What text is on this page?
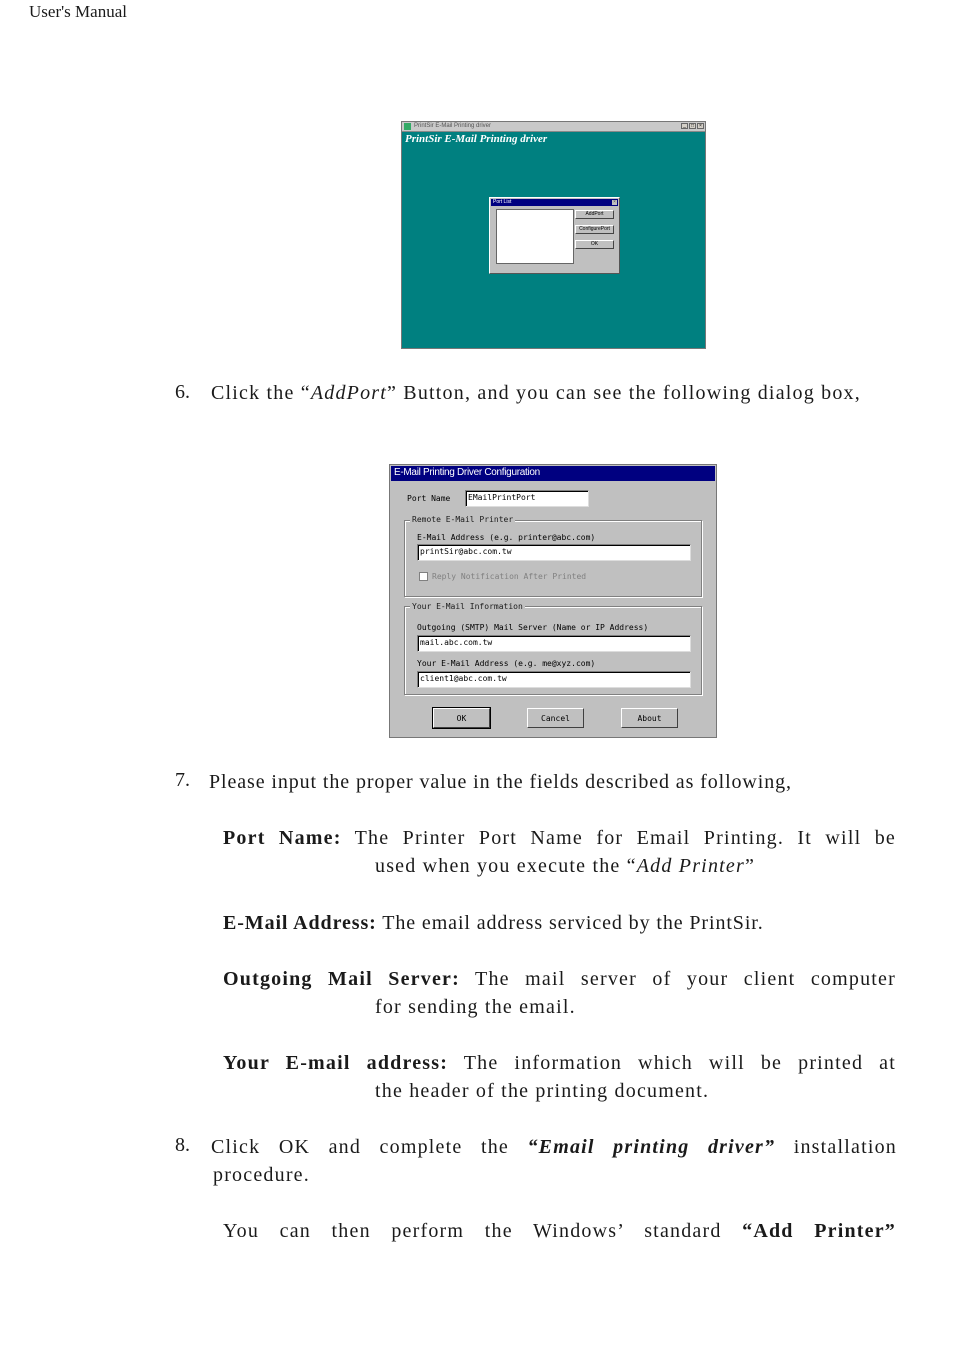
User's Manual
PrintSir E-Mail Printing driver	_	□	×
PrintSir E-Mail Printing driver
Port List	×
AddPort
ConfigurePort
OK
6. Click the “AddPort” Button, and you can see the following dialog box,
E-Mail Printing Driver Configuration
Port Name	EMailPrintPort
Remote E-Mail Printer
E-Mail Address (e.g. printer@abc.com)
printSir@abc.com.tw
Reply Notification After Printed
Your E-Mail Information
Outgoing (SMTP) Mail Server (Name or IP Address)
mail.abc.com.tw
Your E-Mail Address (e.g. me@xyz.com)
client1@abc.com.tw
OK	Cancel	About
7. Please input the proper value in the fields described as following,
Port Name: The Printer Port Name for Email Printing. It will be
used when you execute the “Add Printer”
E-Mail Address: The email address serviced by the PrintSir.
Outgoing Mail Server: The mail server of your client computer
for sending the email.
Your E-mail address: The information which will be printed at
the header of the printing document.
8. Click OK and complete the “Email printing driver” installation
procedure.
You can then perform the Windows’ standard “Add Printer”
